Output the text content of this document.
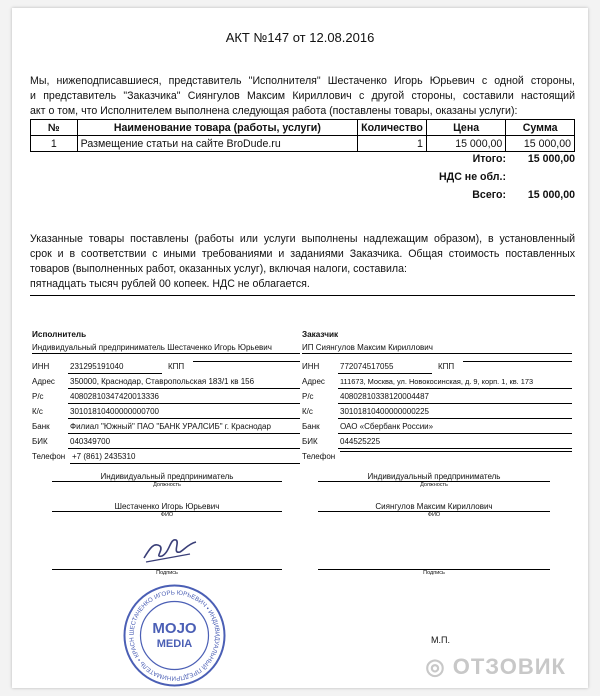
АКТ №147 от 12.08.2016
Мы, нижеподписавшиеся, представитель "Исполнителя" Шестаченко Игорь Юрьевич с одной стороны,
и представитель "Заказчика" Сиянгулов Максим Кириллович с другой стороны, составили настоящий
акт о том, что Исполнителем выполнена следующая работа (поставлены товары, оказаны услуги):
№	Наименование товара (работы, услуги)	Количество	Цена	Сумма
1	Размещение статьи на сайте BroDude.ru	1	15 000,00	15 000,00
Итого: 15 000,00
НДС не обл.:
Всего: 15 000,00
Указанные товары поставлены (работы или услуги выполнены надлежащим образом), в установленный
срок и в соответствии с иными требованиями и заданиями Заказчика. Общая стоимость поставленных
товаров (выполненных работ, оказанных услуг), включая налоги, составила:
пятнадцать тысяч рублей 00 копеек. НДС не облагается.
Исполнитель
Индивидуальный предприниматель Шестаченко Игорь Юрьевич
ИНН	231295191040	КПП
Адрес 350000, Краснодар, Ставропольская 183/1 кв 156
Р/с	40802810347420013336
К/с	30101810400000000700
Банк	Филиал "Южный" ПАО "БАНК УРАЛСИБ" г. Краснодар
БИК	040349700
Телефон +7 (861) 2435310
Заказчик
ИП Сиянгулов Максим Кириллович
ИНН	772074517055	КПП
Адрес 111673, Москва, ул. Новокосинская, д. 9, корп. 1, кв. 173
Р/с	40802810338120004487
К/с	30101810400000000225
Банк	ОАО «Сбербанк России»
БИК	044525225
Телефон
Индивидуальный предприниматель
Должность
Шестаченко Игорь Юрьевич
ФИО
Подпись
Индивидуальный предприниматель
Должность
Сиянгулов Максим Кириллович
ФИО
Подпись
ШЕСТАЧЕНКО ИГОРЬ ЮРЬЕВИЧ • ИНДИВИДУАЛЬНЫЙ ПРЕДПРИНИМАТЕЛЬ • КРАСН
MOJO
MEDIA	М.П.
◎ ОТЗОВИК
